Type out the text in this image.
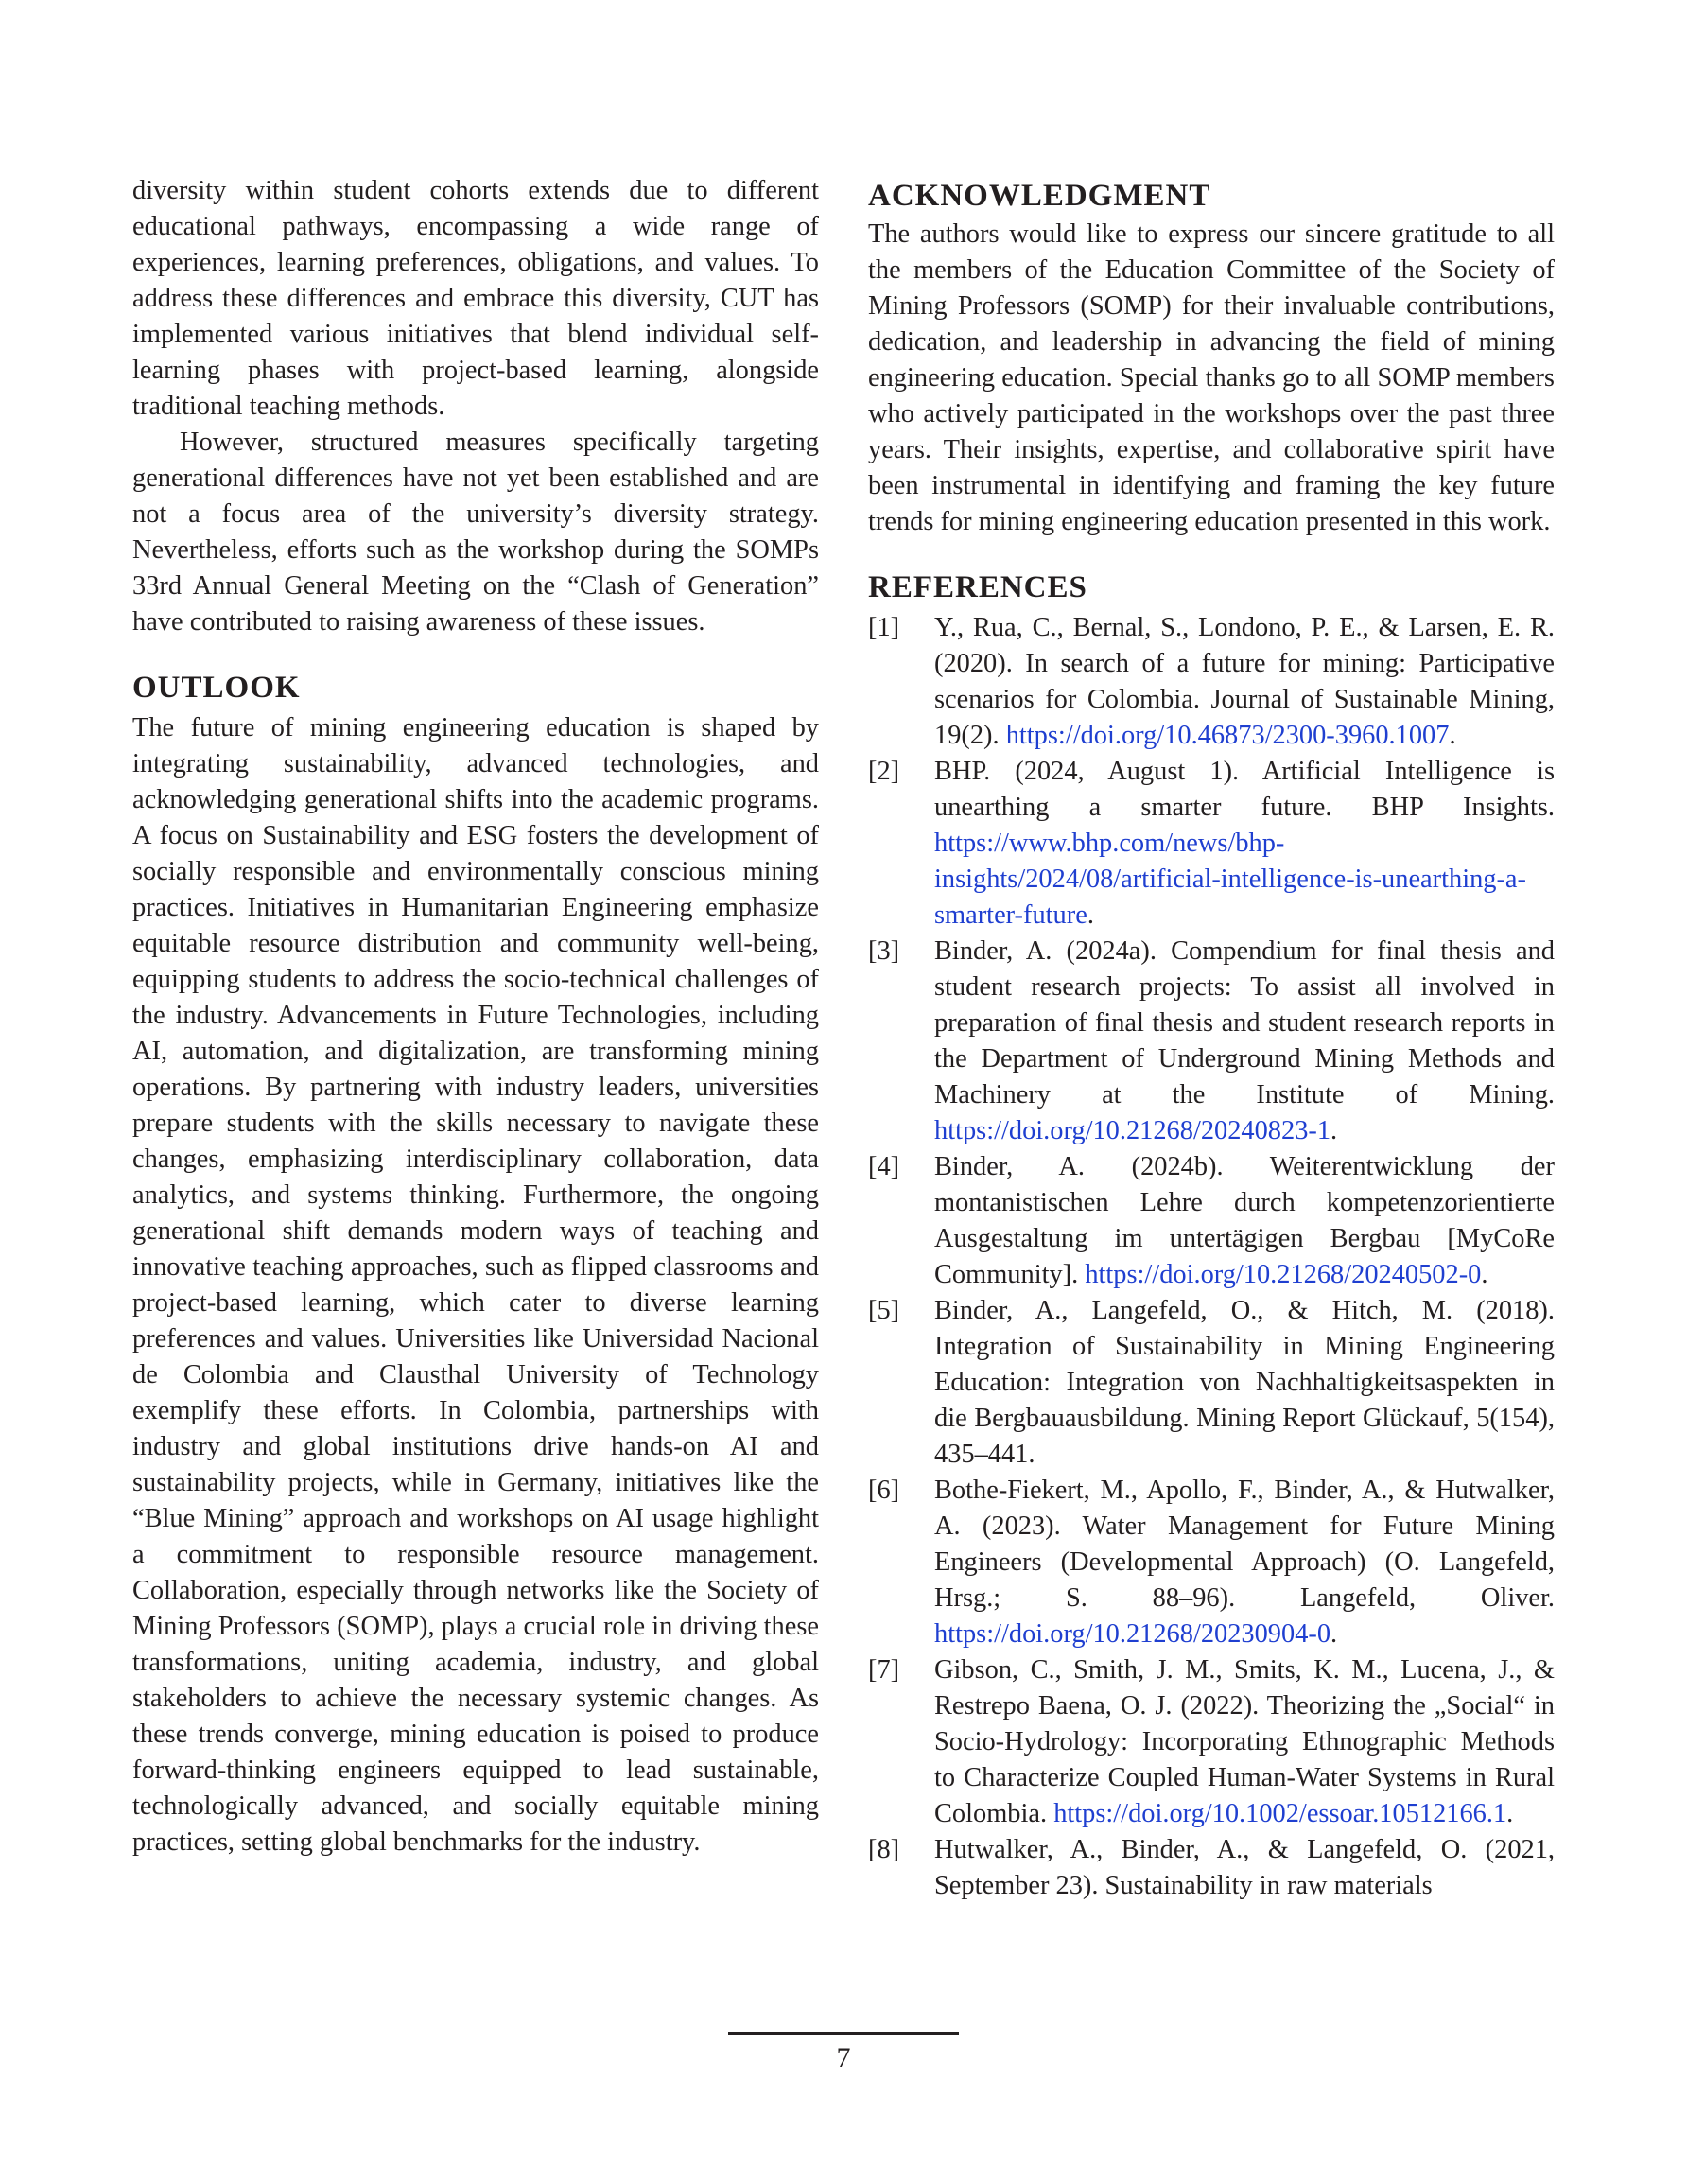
diversity within student cohorts extends due to different educational pathways, encompassing a wide range of experiences, learning preferences, obligations, and values. To address these differences and embrace this diversity, CUT has implemented various initiatives that blend individual self-learning phases with project-based learning, alongside traditional teaching methods.

However, structured measures specifically targeting generational differences have not yet been established and are not a focus area of the university’s diversity strategy. Nevertheless, efforts such as the workshop during the SOMPs 33rd Annual General Meeting on the “Clash of Generation” have contributed to raising awareness of these issues.

OUTLOOK

The future of mining engineering education is shaped by integrating sustainability, advanced technologies, and acknowledging generational shifts into the academic programs. A focus on Sustainability and ESG fosters the development of socially responsible and environmentally conscious mining practices. Initiatives in Humanitarian Engineering emphasize equitable resource distribution and community well-being, equipping students to address the socio-technical challenges of the industry. Advancements in Future Technologies, including AI, automation, and digitalization, are transforming mining operations. By partnering with industry leaders, universities prepare students with the skills necessary to navigate these changes, emphasizing interdisciplinary collaboration, data analytics, and systems thinking. Furthermore, the ongoing generational shift demands modern ways of teaching and innovative teaching approaches, such as flipped classrooms and project-based learning, which cater to diverse learning preferences and values. Universities like Universidad Nacional de Colombia and Clausthal University of Technology exemplify these efforts. In Colombia, partnerships with industry and global institutions drive hands-on AI and sustainability projects, while in Germany, initiatives like the “Blue Mining” approach and workshops on AI usage highlight a commitment to responsible resource management. Collaboration, especially through networks like the Society of Mining Professors (SOMP), plays a crucial role in driving these transformations, uniting academia, industry, and global stakeholders to achieve the necessary systemic changes. As these trends converge, mining education is poised to produce forward-thinking engineers equipped to lead sustainable, technologically advanced, and socially equitable mining practices, setting global benchmarks for the industry.

ACKNOWLEDGMENT

The authors would like to express our sincere gratitude to all the members of the Education Committee of the Society of Mining Professors (SOMP) for their invaluable contributions, dedication, and leadership in advancing the field of mining engineering education. Special thanks go to all SOMP members who actively participated in the workshops over the past three years. Their insights, expertise, and collaborative spirit have been instrumental in identifying and framing the key future trends for mining engineering education presented in this work.

REFERENCES
[1]	Y., Rua, C., Bernal, S., Londono, P. E., & Larsen, E. R. (2020). In search of a future for mining: Participative scenarios for Colombia. Journal of Sustainable Mining, 19(2). https://doi.org/10.46873/2300-3960.1007.
[2]	BHP. (2024, August 1). Artificial Intelligence is unearthing a smarter future. BHP Insights. https://www.bhp.com/news/bhp-insights/2024/08/artificial-intelligence-is-unearthing-a-smarter-future.
[3]	Binder, A. (2024a). Compendium for final thesis and student research projects: To assist all involved in preparation of final thesis and student research reports in the Department of Underground Mining Methods and Machinery at the Institute of Mining. https://doi.org/10.21268/20240823-1.
[4]	Binder, A. (2024b). Weiterentwicklung der montanistischen Lehre durch kompetenzorientierte Ausgestaltung im untertägigen Bergbau [MyCoRe Community]. https://doi.org/10.21268/20240502-0.
[5]	Binder, A., Langefeld, O., & Hitch, M. (2018). Integration of Sustainability in Mining Engineering Education: Integration von Nachhaltigkeitsaspekten in die Bergbauausbildung. Mining Report Glückauf, 5(154), 435–441.
[6]	Bothe-Fiekert, M., Apollo, F., Binder, A., & Hutwalker, A. (2023). Water Management for Future Mining Engineers (Developmental Approach) (O. Langefeld, Hrsg.; S. 88–96). Langefeld, Oliver. https://doi.org/10.21268/20230904-0.
[7]	Gibson, C., Smith, J. M., Smits, K. M., Lucena, J., & Restrepo Baena, O. J. (2022). Theorizing the „Social“ in Socio-Hydrology: Incorporating Ethnographic Methods to Characterize Coupled Human-Water Systems in Rural Colombia. https://doi.org/10.1002/essoar.10512166.1.
[8]	Hutwalker, A., Binder, A., & Langefeld, O. (2021, September 23). Sustainability in raw materials
7
